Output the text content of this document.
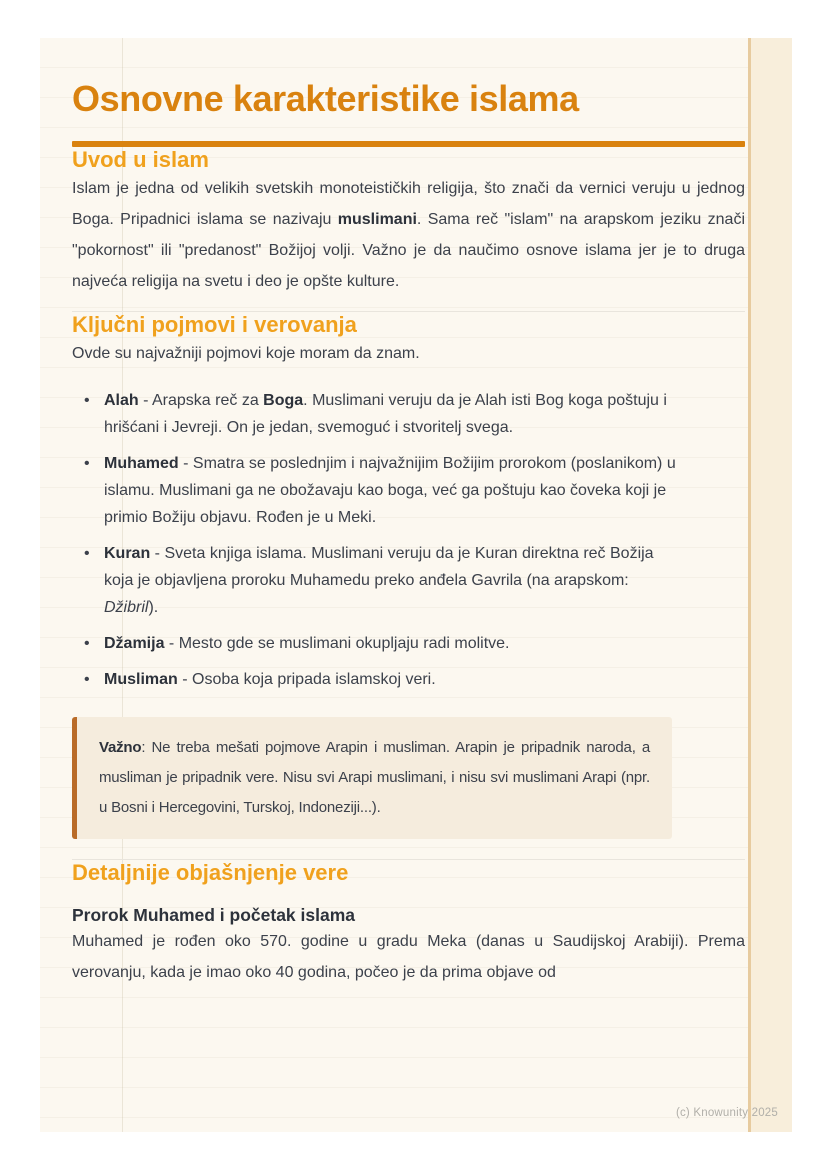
Osnovne karakteristike islama
Uvod u islam

Islam je jedna od velikih svetskih monoteističkih religija, što znači da vernici veruju u jednog Boga. Pripadnici islama se nazivaju muslimani. Sama reč "islam" na arapskom jeziku znači "pokornost" ili "predanost" Božijoj volji. Važno je da naučimo osnove islama jer je to druga najveća religija na svetu i deo je opšte kulture.

Ključni pojmovi i verovanja

Ovde su najvažniji pojmovi koje moram da znam.

• Alah - Arapska reč za Boga. Muslimani veruju da je Alah isti Bog koga poštuju i hrišćani i Jevreji. On je jedan, svemoguć i stvoritelj svega.
• Muhamed - Smatra se poslednjim i najvažnijim Božijim prorokom (poslanikom) u islamu. Muslimani ga ne obožavaju kao boga, već ga poštuju kao čoveka koji je primio Božiju objavu. Rođen je u Meki.
• Kuran - Sveta knjiga islama. Muslimani veruju da je Kuran direktna reč Božija koja je objavljena proroku Muhamedu preko anđela Gavrila (na arapskom: Džibril).
• Džamija - Mesto gde se muslimani okupljaju radi molitve.
• Musliman - Osoba koja pripada islamskoj veri.
Važno: Ne treba mešati pojmove Arapin i musliman. Arapin je pripadnik naroda, a musliman je pripadnik vere. Nisu svi Arapi muslimani, i nisu svi muslimani Arapi (npr. u Bosni i Hercegovini, Turskoj, Indoneziji...).
Detaljnije objašnjenje vere
Prorok Muhamed i početak islama

Muhamed je rođen oko 570. godine u gradu Meka (danas u Saudijskoj Arabiji). Prema verovanju, kada je imao oko 40 godina, počeo je da prima objave od

(c) Knowunity 2025
